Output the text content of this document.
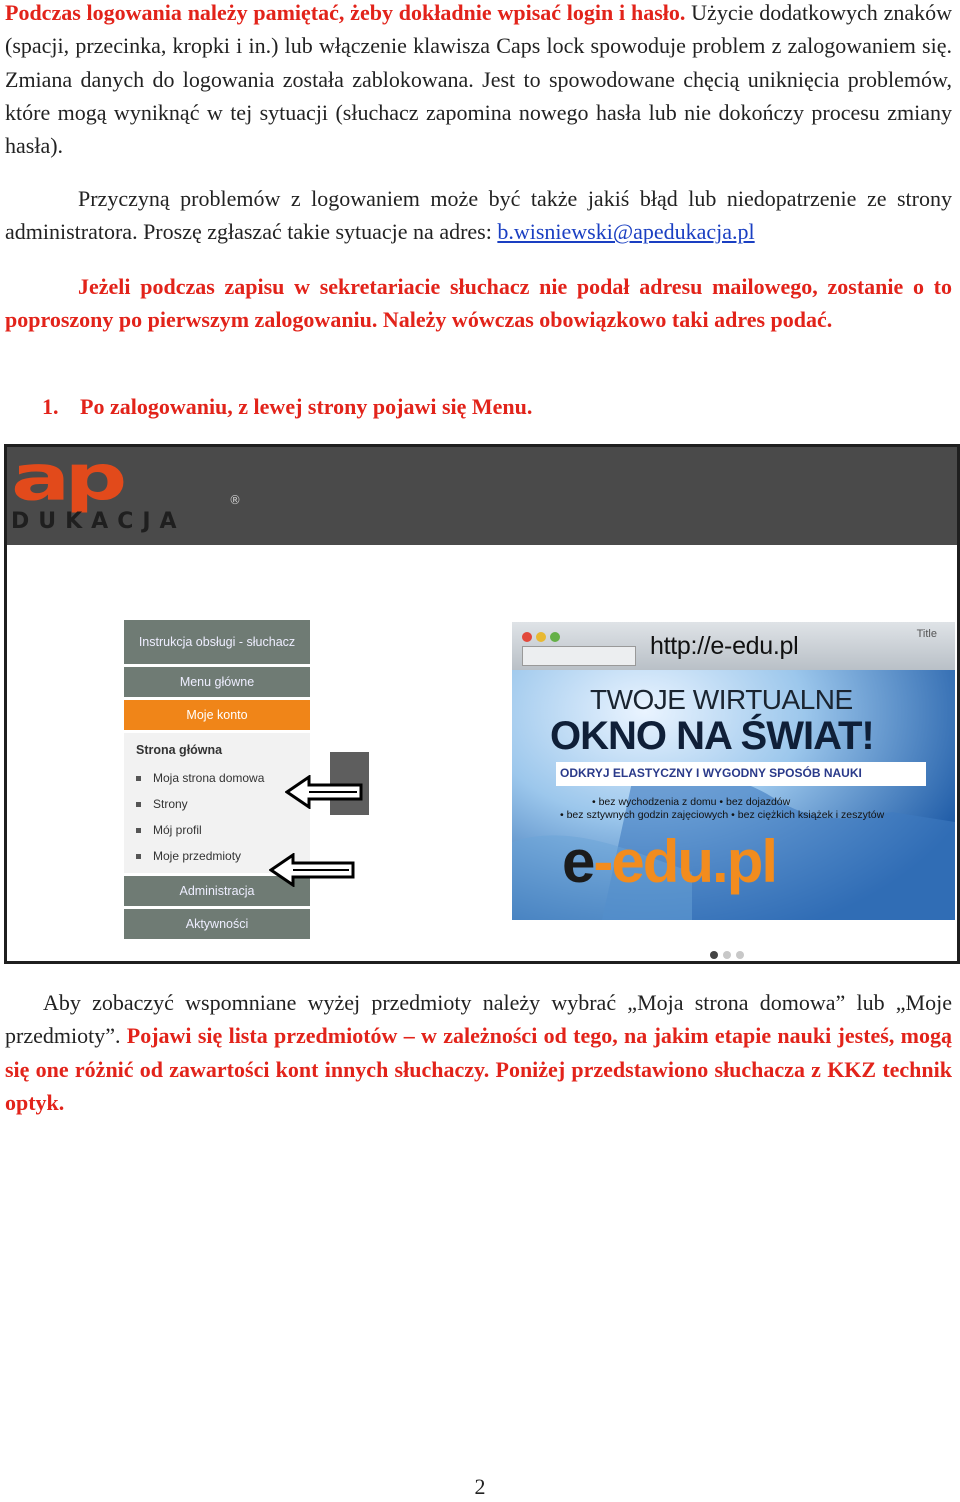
Podczas logowania należy pamiętać, żeby dokładnie wpisać login i hasło. Użycie dodatkowych znaków (spacji, przecinka, kropki i in.) lub włączenie klawisza Caps lock spowoduje problem z zalogowaniem się. Zmiana danych do logowania została zablokowana. Jest to spowodowane chęcią uniknięcia problemów, które mogą wyniknąć w tej sytuacji (słuchacz zapomina nowego hasła lub nie dokończy procesu zmiany hasła).

Przyczyną problemów z logowaniem może być także jakiś błąd lub niedopatrzenie ze strony administratora. Proszę zgłaszać takie sytuacje na adres: b.wisniewski@apedukacja.pl

Jeżeli podczas zapisu w sekretariacie słuchacz nie podał adresu mailowego, zostanie o to poproszony po pierwszym zalogowaniu. Należy wówczas obowiązkowo taki adres podać.

1. Po zalogowaniu, z lewej strony pojawi się Menu.

ap	®
DUKACJA
Instrukcja obsługi - słuchacz
Menu główne
Moje konto
Strona główna
Moja strona domowa
Strony
Mój profil
Moje przedmioty
Administracja
Aktywności
Title
http://e-edu.pl
TWOJE WIRTUALNE
OKNO NA ŚWIAT!
ODKRYJ ELASTYCZNY I WYGODNY SPOSÓB NAUKI
• bez wychodzenia z domu • bez dojazdów
• bez sztywnych godzin zajęciowych • bez ciężkich książek i zeszytów
e-edu.pl

Aby zobaczyć wspomniane wyżej przedmioty należy wybrać „Moja strona domowa” lub „Moje przedmioty”. Pojawi się lista przedmiotów – w zależności od tego, na jakim etapie nauki jesteś, mogą się one różnić od zawartości kont innych słuchaczy. Poniżej przedstawiono słuchacza z KKZ technik optyk.

2
